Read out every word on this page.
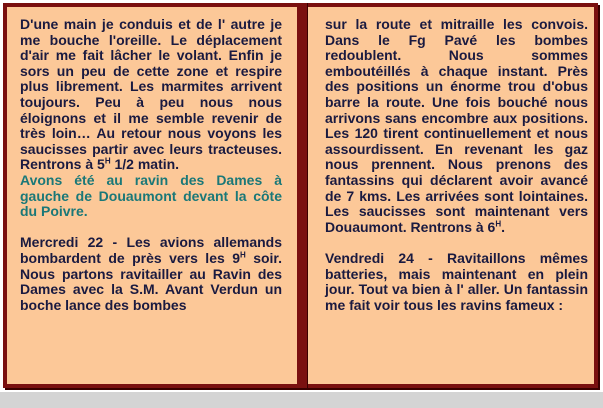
D'une main je conduis et de l' autre je me bouche l'oreille. Le déplacement d'air me fait lâcher le volant. Enfin je sors un peu de cette zone et respire plus librement. Les marmites arrivent toujours. Peu à peu nous nous éloignons et il me semble revenir de très loin… Au retour nous voyons les saucisses partir avec leurs tracteuses. Rentrons à $5^H$ 1/2 matin.

Avons été au ravin des Dames à gauche de Douaumont devant la côte du Poivre.

Mercredi 22 - Les avions allemands bombardent de près vers les $9^H$ soir. Nous partons ravitailler au Ravin des Dames avec la S.M. Avant Verdun un boche lance des bombes

sur la route et mitraille les convois. Dans le Fg Pavé les bombes redoublent. Nous sommes emboutéillés à chaque instant. Près des positions un énorme trou d'obus barre la route. Une fois bouché nous arrivons sans encombre aux positions. Les 120 tirent continuellement et nous assourdissent. En revenant les gaz nous prennent. Nous prenons des fantassins qui déclarent avoir avancé de 7 kms. Les arrivées sont lointaines. Les saucisses sont maintenant vers Douaumont. Rentrons à $6^H$.

Vendredi 24 - Ravitaillons mêmes batteries, mais maintenant en plein jour. Tout va bien à l' aller. Un fantassin me fait voir tous les ravins fameux :
